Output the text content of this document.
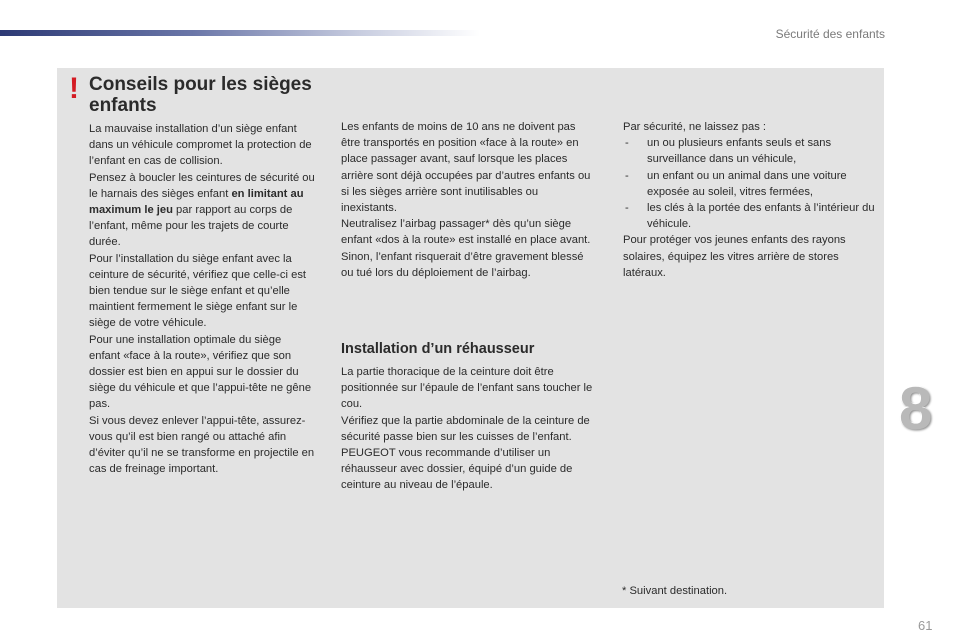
Sécurité des enfants
! Conseils pour les sièges enfants

La mauvaise installation d’un siège enfant dans un véhicule compromet la protection de l’enfant en cas de collision.

Pensez à boucler les ceintures de sécurité ou le harnais des sièges enfant en limitant au maximum le jeu par rapport au corps de l’enfant, même pour les trajets de courte durée.

Pour l’installation du siège enfant avec la ceinture de sécurité, vérifiez que celle-ci est bien tendue sur le siège enfant et qu’elle maintient fermement le siège enfant sur le siège de votre véhicule.

Pour une installation optimale du siège enfant «face à la route», vérifiez que son dossier est bien en appui sur le dossier du siège du véhicule et que l’appui-tête ne gêne pas.

Si vous devez enlever l’appui-tête, assurez-vous qu’il est bien rangé ou attaché afin d’éviter qu’il ne se transforme en projectile en cas de freinage important.

Les enfants de moins de 10 ans ne doivent pas être transportés en position «face à la route» en place passager avant, sauf lorsque les places arrière sont déjà occupées par d’autres enfants ou si les sièges arrière sont inutilisables ou inexistants.

Neutralisez l’airbag passager* dès qu’un siège enfant «dos à la route» est installé en place avant.

Sinon, l’enfant risquerait d’être gravement blessé ou tué lors du déploiement de l’airbag.

Installation d’un réhausseur

La partie thoracique de la ceinture doit être positionnée sur l’épaule de l’enfant sans toucher le cou.

Vérifiez que la partie abdominale de la ceinture de sécurité passe bien sur les cuisses de l’enfant.

PEUGEOT vous recommande d’utiliser un réhausseur avec dossier, équipé d’un guide de ceinture au niveau de l’épaule.

Par sécurité, ne laissez pas :

- un ou plusieurs enfants seuls et sans surveillance dans un véhicule,
- un enfant ou un animal dans une voiture exposée au soleil, vitres fermées,
- les clés à la portée des enfants à l’intérieur du véhicule.

Pour protéger vos jeunes enfants des rayons solaires, équipez les vitres arrière de stores latéraux.

* Suivant destination.
8
61
